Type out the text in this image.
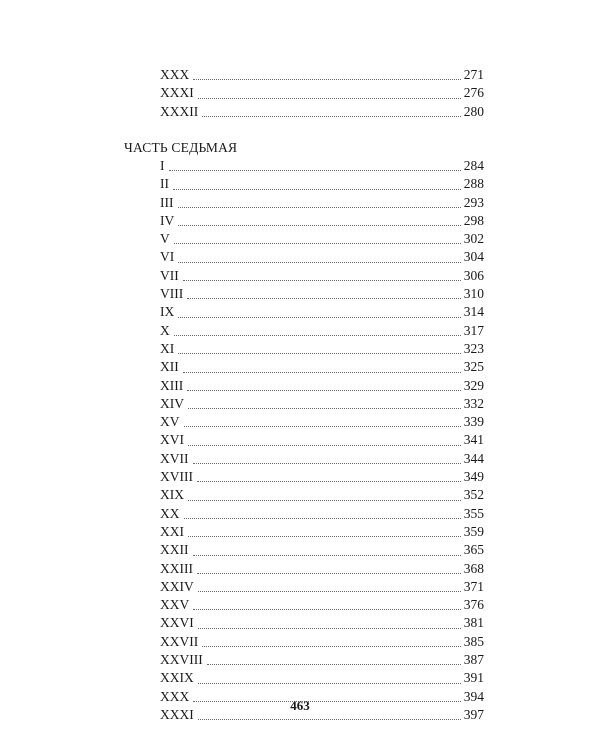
XXX	271
XXXI	276
XXXII	280
ЧАСТЬ СЕДЬМАЯ
I	284
II	288
III	293
IV	298
V	302
VI	304
VII	306
VIII	310
IX	314
X	317
XI	323
XII	325
XIII	329
XIV	332
XV	339
XVI	341
XVII	344
XVIII	349
XIX	352
XX	355
XXI	359
XXII	365
XXIII	368
XXIV	371
XXV	376
XXVI	381
XXVII	385
XXVIII	387
XXIX	391
XXX	394
XXXI	397
463
